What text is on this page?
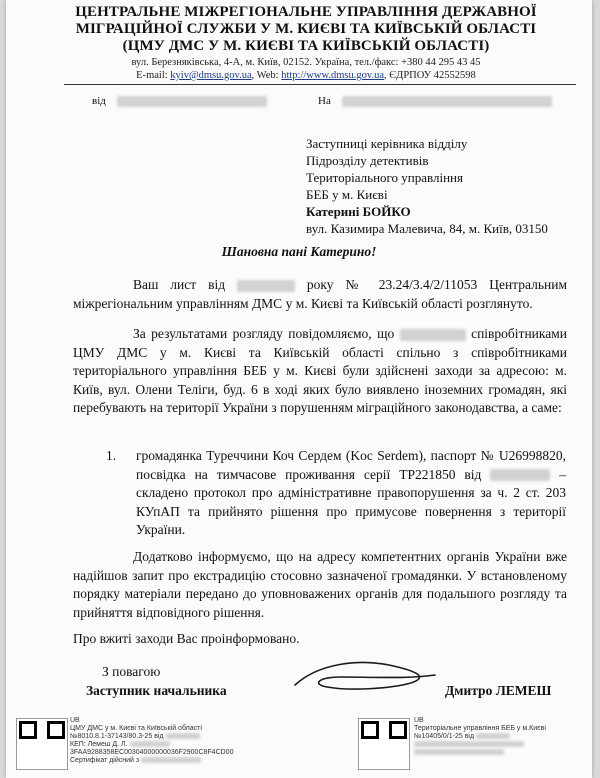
ЦЕНТРАЛЬНЕ МІЖРЕГІОНАЛЬНЕ УПРАВЛІННЯ ДЕРЖАВНОЇ
МІГРАЦІЙНОЇ СЛУЖБИ У М. КИЄВІ ТА КИЇВСЬКІЙ ОБЛАСТІ
(ЦМУ ДМС У М. КИЄВІ ТА КИЇВСЬКІЙ ОБЛАСТІ)
вул. Березняківська, 4-А, м. Київ, 02152. Україна, тел./факс: +380 44 295 43 45
E-mail: kyiv@dmsu.gov.ua, Web: http://www.dmsu.gov.ua, ЄДРПОУ 42552598
від	На
Заступниці керівника відділу
Підрозділу детективів
Територіального управління
БЕБ у м. Києві
Катерині БОЙКО
вул. Казимира Малевича, 84, м. Київ, 03150
Шановна пані Катерино!
Ваш лист від	року № 23.24/3.4/2/11053 Центральним міжрегіональним управлінням ДМС у м. Києві та Київській області розглянуто.
За результатами розгляду повідомляємо, що	співробітниками ЦМУ ДМС у м. Києві та Київській області спільно з співробітниками територіального управління БЕБ у м. Києві були здійснені заходи за адресою: м. Київ, вул. Олени Теліги, буд. 6 в ході яких було виявлено іноземних громадян, які перебувають на території України з порушенням міграційного законодавства, а саме:
1.	громадянка Туреччини Коч Сердем (Koc Serdem), паспорт № U26998820, посвідка на тимчасове проживання серії ТР221850 від	– складено протокол про адміністративне правопорушення за ч. 2 ст. 203 КУпАП та прийнято рішення про примусове повернення з території України.
Додатково інформуємо, що на адресу компетентних органів України вже надійшов запит про екстрадицію стосовно зазначеної громадянки. У встановленому порядку матеріали передано до уповноважених органів для подальшого розгляду та прийняття відповідного рішення.
Про вжиті заходи Вас проінформовано.
З повагою
Заступник начальника	Дмитро ЛЕМЕШ
UB
ЦМУ ДМС у м. Києві та Київській області
№8010.8.1-37143/80.3-25 від
КЕП: Лемеш Д. Л.
3FAA9288358EC00304000000036F2900C8F4CD00
Сертифікат дійсний з
UB
Територіальне управління БЕБ у м.Києві
№10405/0/1-25 від
